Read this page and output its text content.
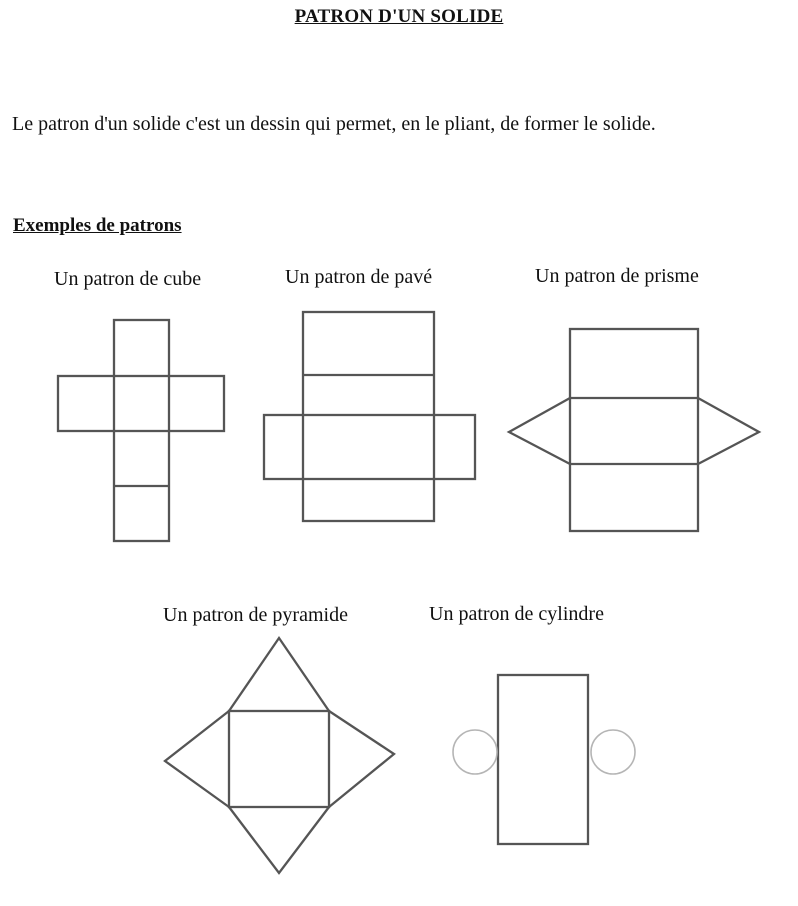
PATRON D'UN SOLIDE
Le patron d'un solide c'est un dessin qui permet, en le pliant, de former le solide.
Exemples de patrons
Un patron de cube	Un patron de pavé	Un patron de prisme
Un patron de pyramide	Un patron de cylindre
